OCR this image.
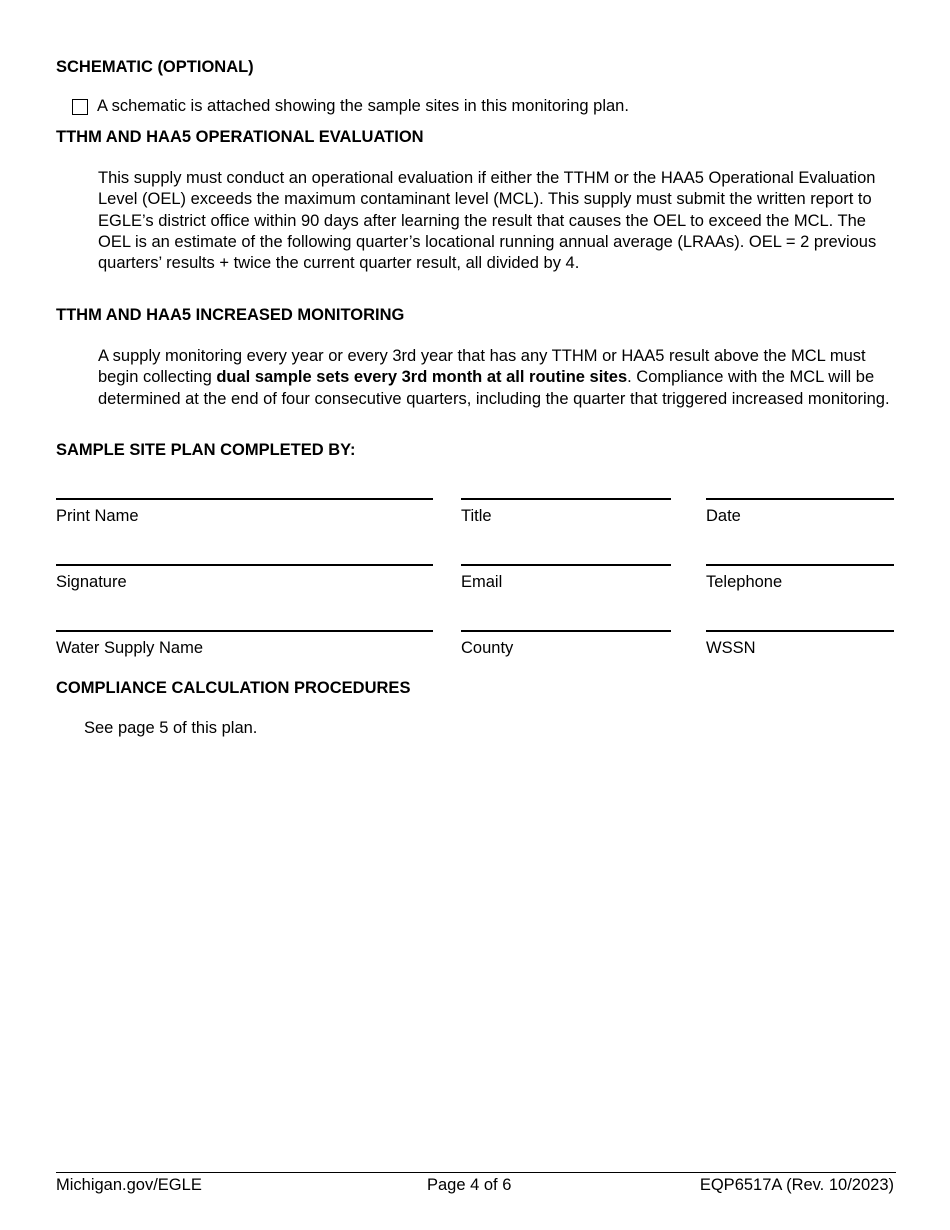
SCHEMATIC (OPTIONAL)
A schematic is attached showing the sample sites in this monitoring plan.
TTHM AND HAA5 OPERATIONAL EVALUATION

This supply must conduct an operational evaluation if either the TTHM or the HAA5 Operational Evaluation Level (OEL) exceeds the maximum contaminant level (MCL). This supply must submit the written report to EGLE’s district office within 90 days after learning the result that causes the OEL to exceed the MCL. The OEL is an estimate of the following quarter’s locational running annual average (LRAAs). OEL = 2 previous quarters’ results + twice the current quarter result, all divided by 4.

TTHM AND HAA5 INCREASED MONITORING

A supply monitoring every year or every 3rd year that has any TTHM or HAA5 result above the MCL must begin collecting dual sample sets every 3rd month at all routine sites. Compliance with the MCL will be determined at the end of four consecutive quarters, including the quarter that triggered increased monitoring.

SAMPLE SITE PLAN COMPLETED BY:
Print Name	Title	Date
Signature	Email	Telephone
Water Supply Name	County	WSSN
COMPLIANCE CALCULATION PROCEDURES

See page 5 of this plan.

Michigan.gov/EGLE	Page 4 of 6	EQP6517A (Rev. 10/2023)
